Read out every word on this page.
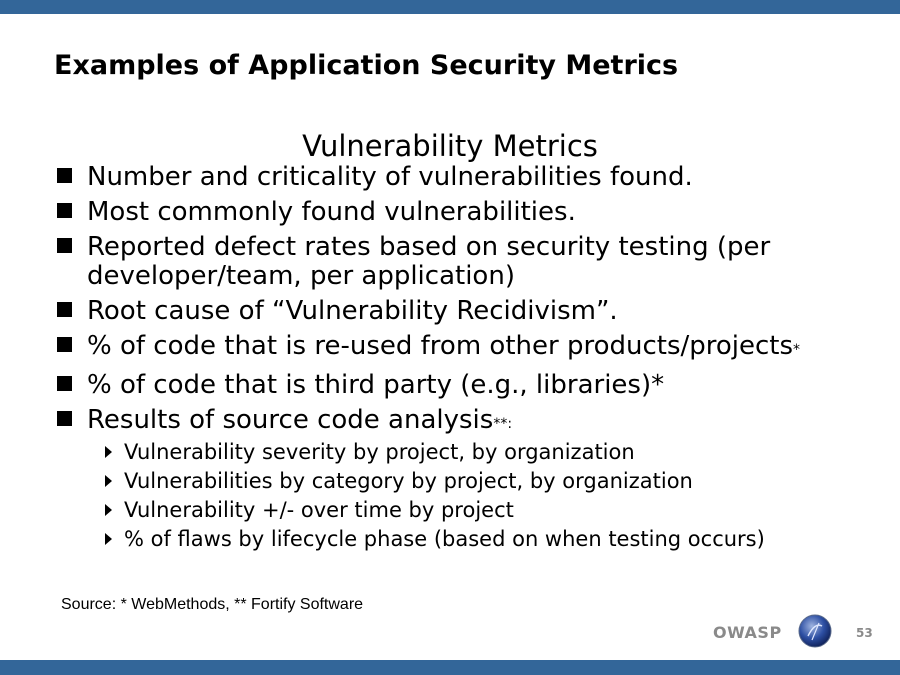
Examples of Application Security Metrics
Vulnerability Metrics
Number and criticality of vulnerabilities found.
Most commonly found vulnerabilities.
Reported defect rates based on security testing (per developer/team, per application)
Root cause of “Vulnerability Recidivism”.
% of code that is re-used from other products/projects*
% of code that is third party (e.g., libraries)*
Results of source code analysis**:
Vulnerability severity by project, by organization
Vulnerabilities by category by project, by organization
Vulnerability +/- over time by project
% of flaws by lifecycle phase (based on when testing occurs)
Source: * WebMethods, ** Fortify Software
OWASP	53
